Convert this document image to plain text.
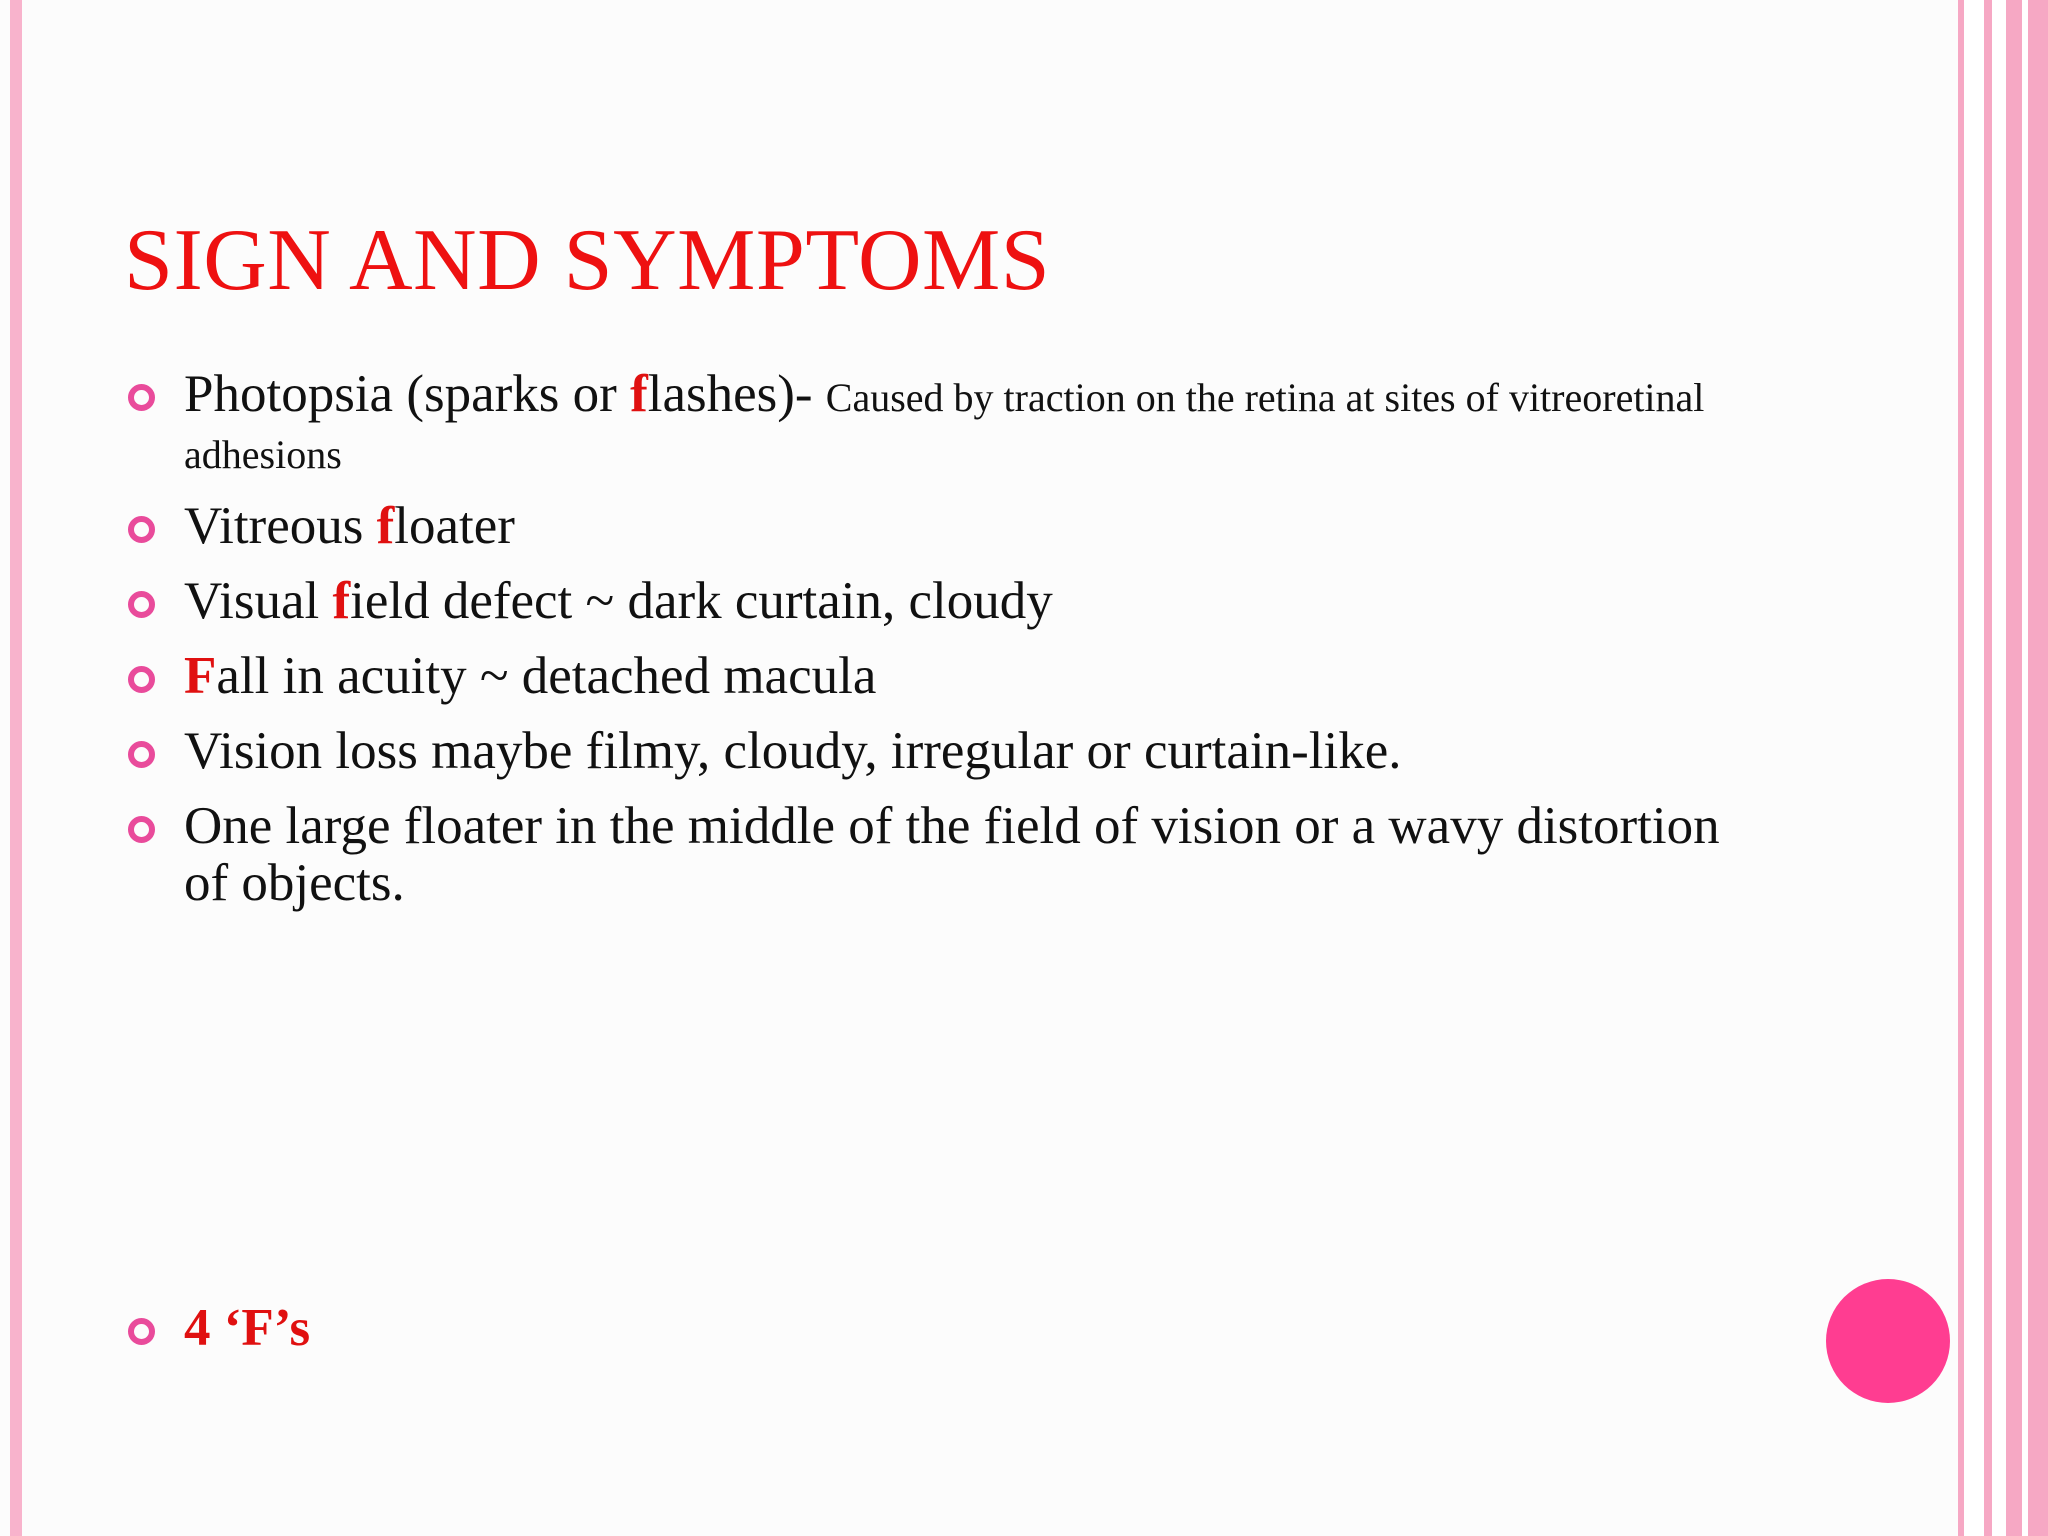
SIGN AND SYMPTOMS
Photopsia (sparks or flashes)- Caused by traction on the retina at sites of vitreoretinal adhesions
Vitreous floater
Visual field defect ~ dark curtain, cloudy
Fall in acuity ~ detached macula
Vision loss maybe filmy, cloudy, irregular or curtain-like.
One large floater in the middle of the field of vision or a wavy distortion of objects.
4 ‘F’s
